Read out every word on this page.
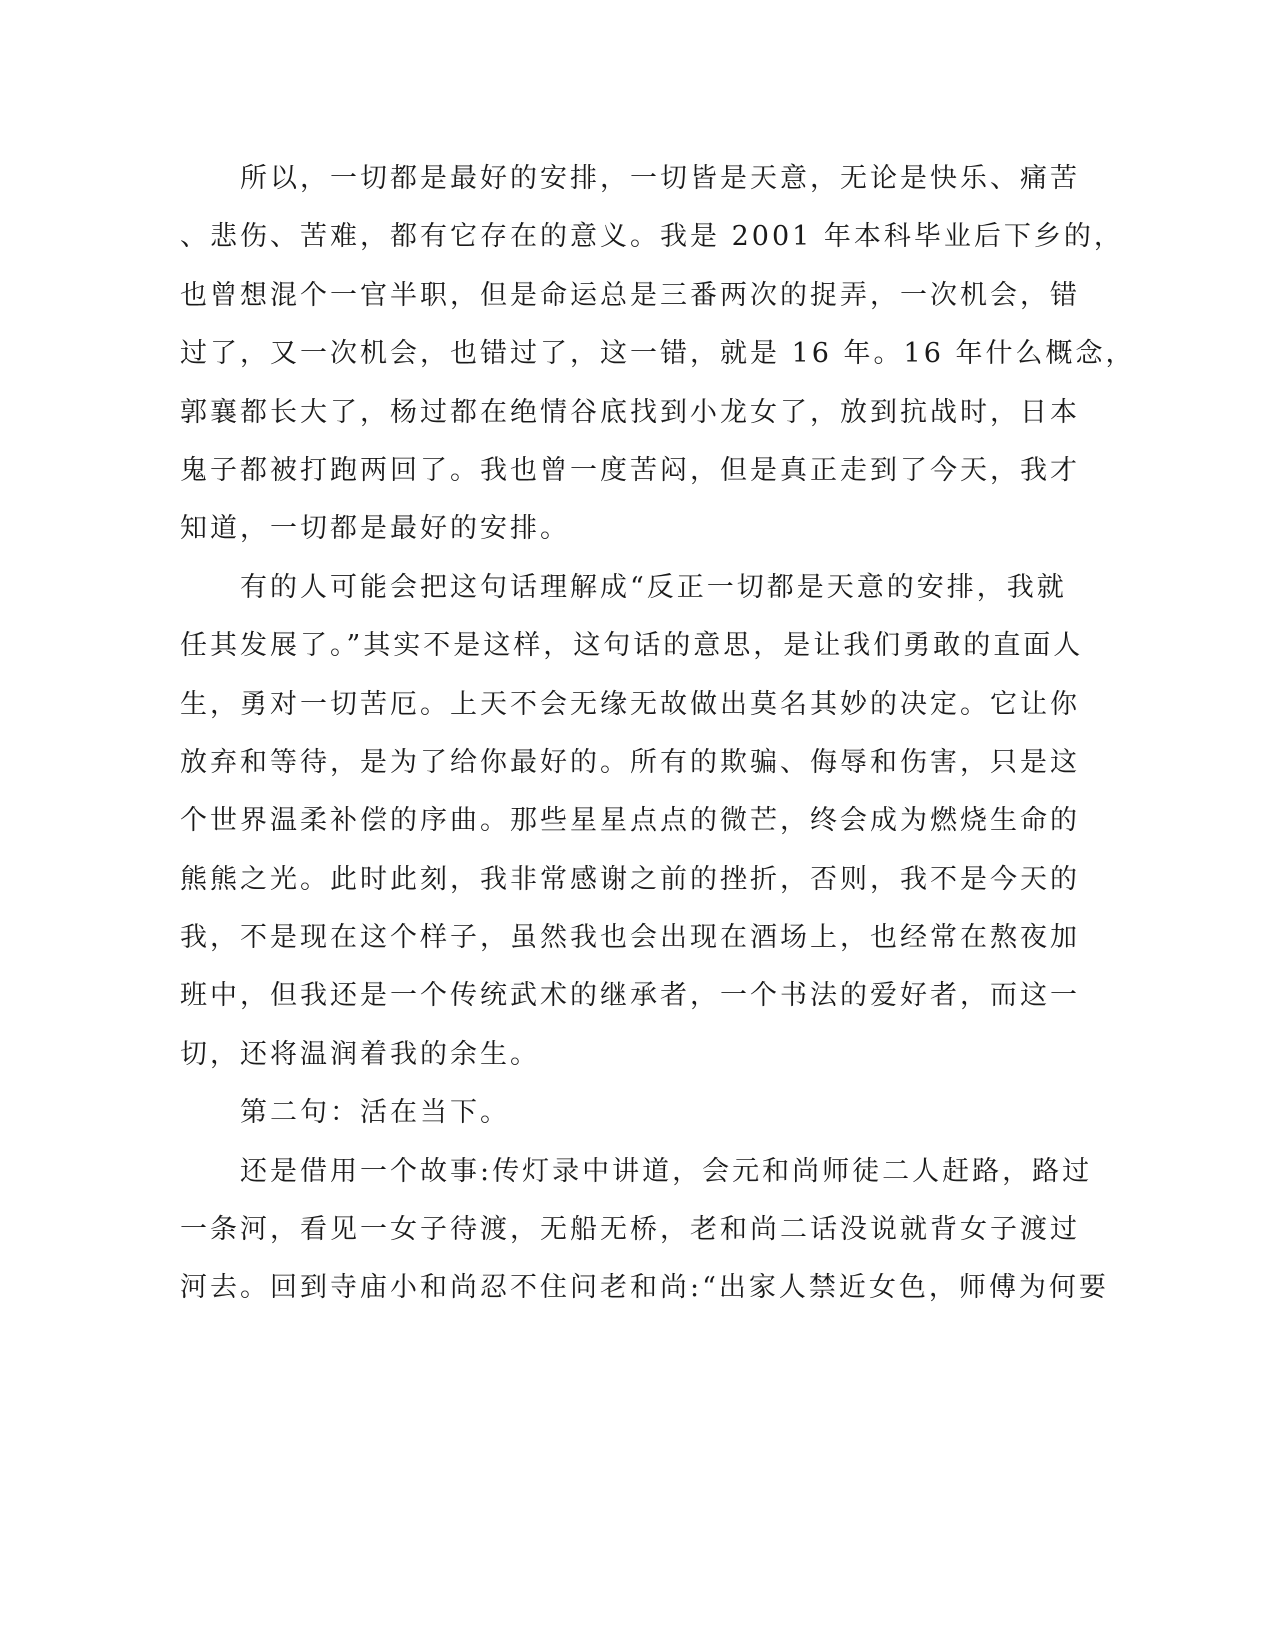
　　所以，一切都是最好的安排，一切皆是天意，无论是快乐、痛苦
、悲伤、苦难，都有它存在的意义。我是 2001 年本科毕业后下乡的，
也曾想混个一官半职，但是命运总是三番两次的捉弄，一次机会，错
过了，又一次机会，也错过了，这一错，就是 16 年。16 年什么概念，
郭襄都长大了，杨过都在绝情谷底找到小龙女了，放到抗战时，日本
鬼子都被打跑两回了。我也曾一度苦闷，但是真正走到了今天，我才
知道，一切都是最好的安排。
　　有的人可能会把这句话理解成“反正一切都是天意的安排，我就
任其发展了。”其实不是这样，这句话的意思，是让我们勇敢的直面人
生，勇对一切苦厄。上天不会无缘无故做出莫名其妙的决定。它让你
放弃和等待，是为了给你最好的。所有的欺骗、侮辱和伤害，只是这
个世界温柔补偿的序曲。那些星星点点的微芒，终会成为燃烧生命的
熊熊之光。此时此刻，我非常感谢之前的挫折，否则，我不是今天的
我，不是现在这个样子，虽然我也会出现在酒场上，也经常在熬夜加
班中，但我还是一个传统武术的继承者，一个书法的爱好者，而这一
切，还将温润着我的余生。
　　第二句：活在当下。
　　还是借用一个故事:传灯录中讲道，会元和尚师徒二人赶路，路过
一条河，看见一女子待渡，无船无桥，老和尚二话没说就背女子渡过
河去。回到寺庙小和尚忍不住问老和尚:“出家人禁近女色，师傅为何要
